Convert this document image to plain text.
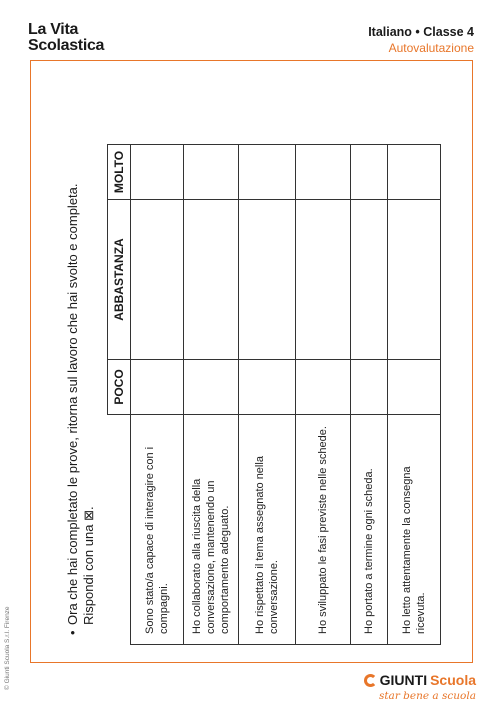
La Vita
Scolastica
Italiano • Classe 4
Autovalutazione
•Ora che hai completato le prove, ritorna sul lavoro che hai svolto e completa. Rispondi con una ⊠.
	POCO	ABBASTANZA	MOLTO
Sono stato/a capace di interagire con i compagni.			
Ho collaborato alla riuscita della conversazione, mantenendo un comportamento adeguato.			
Ho rispettato il tema assegnato nella conversazione.			
Ho sviluppato le fasi previste nelle schede.			
Ho portato a termine ogni scheda.			
Ho letto attentamente la consegna ricevuta.			
© Giunti Scuola S.r.l. Firenze	GIUNTI Scuola
star bene a scuola
